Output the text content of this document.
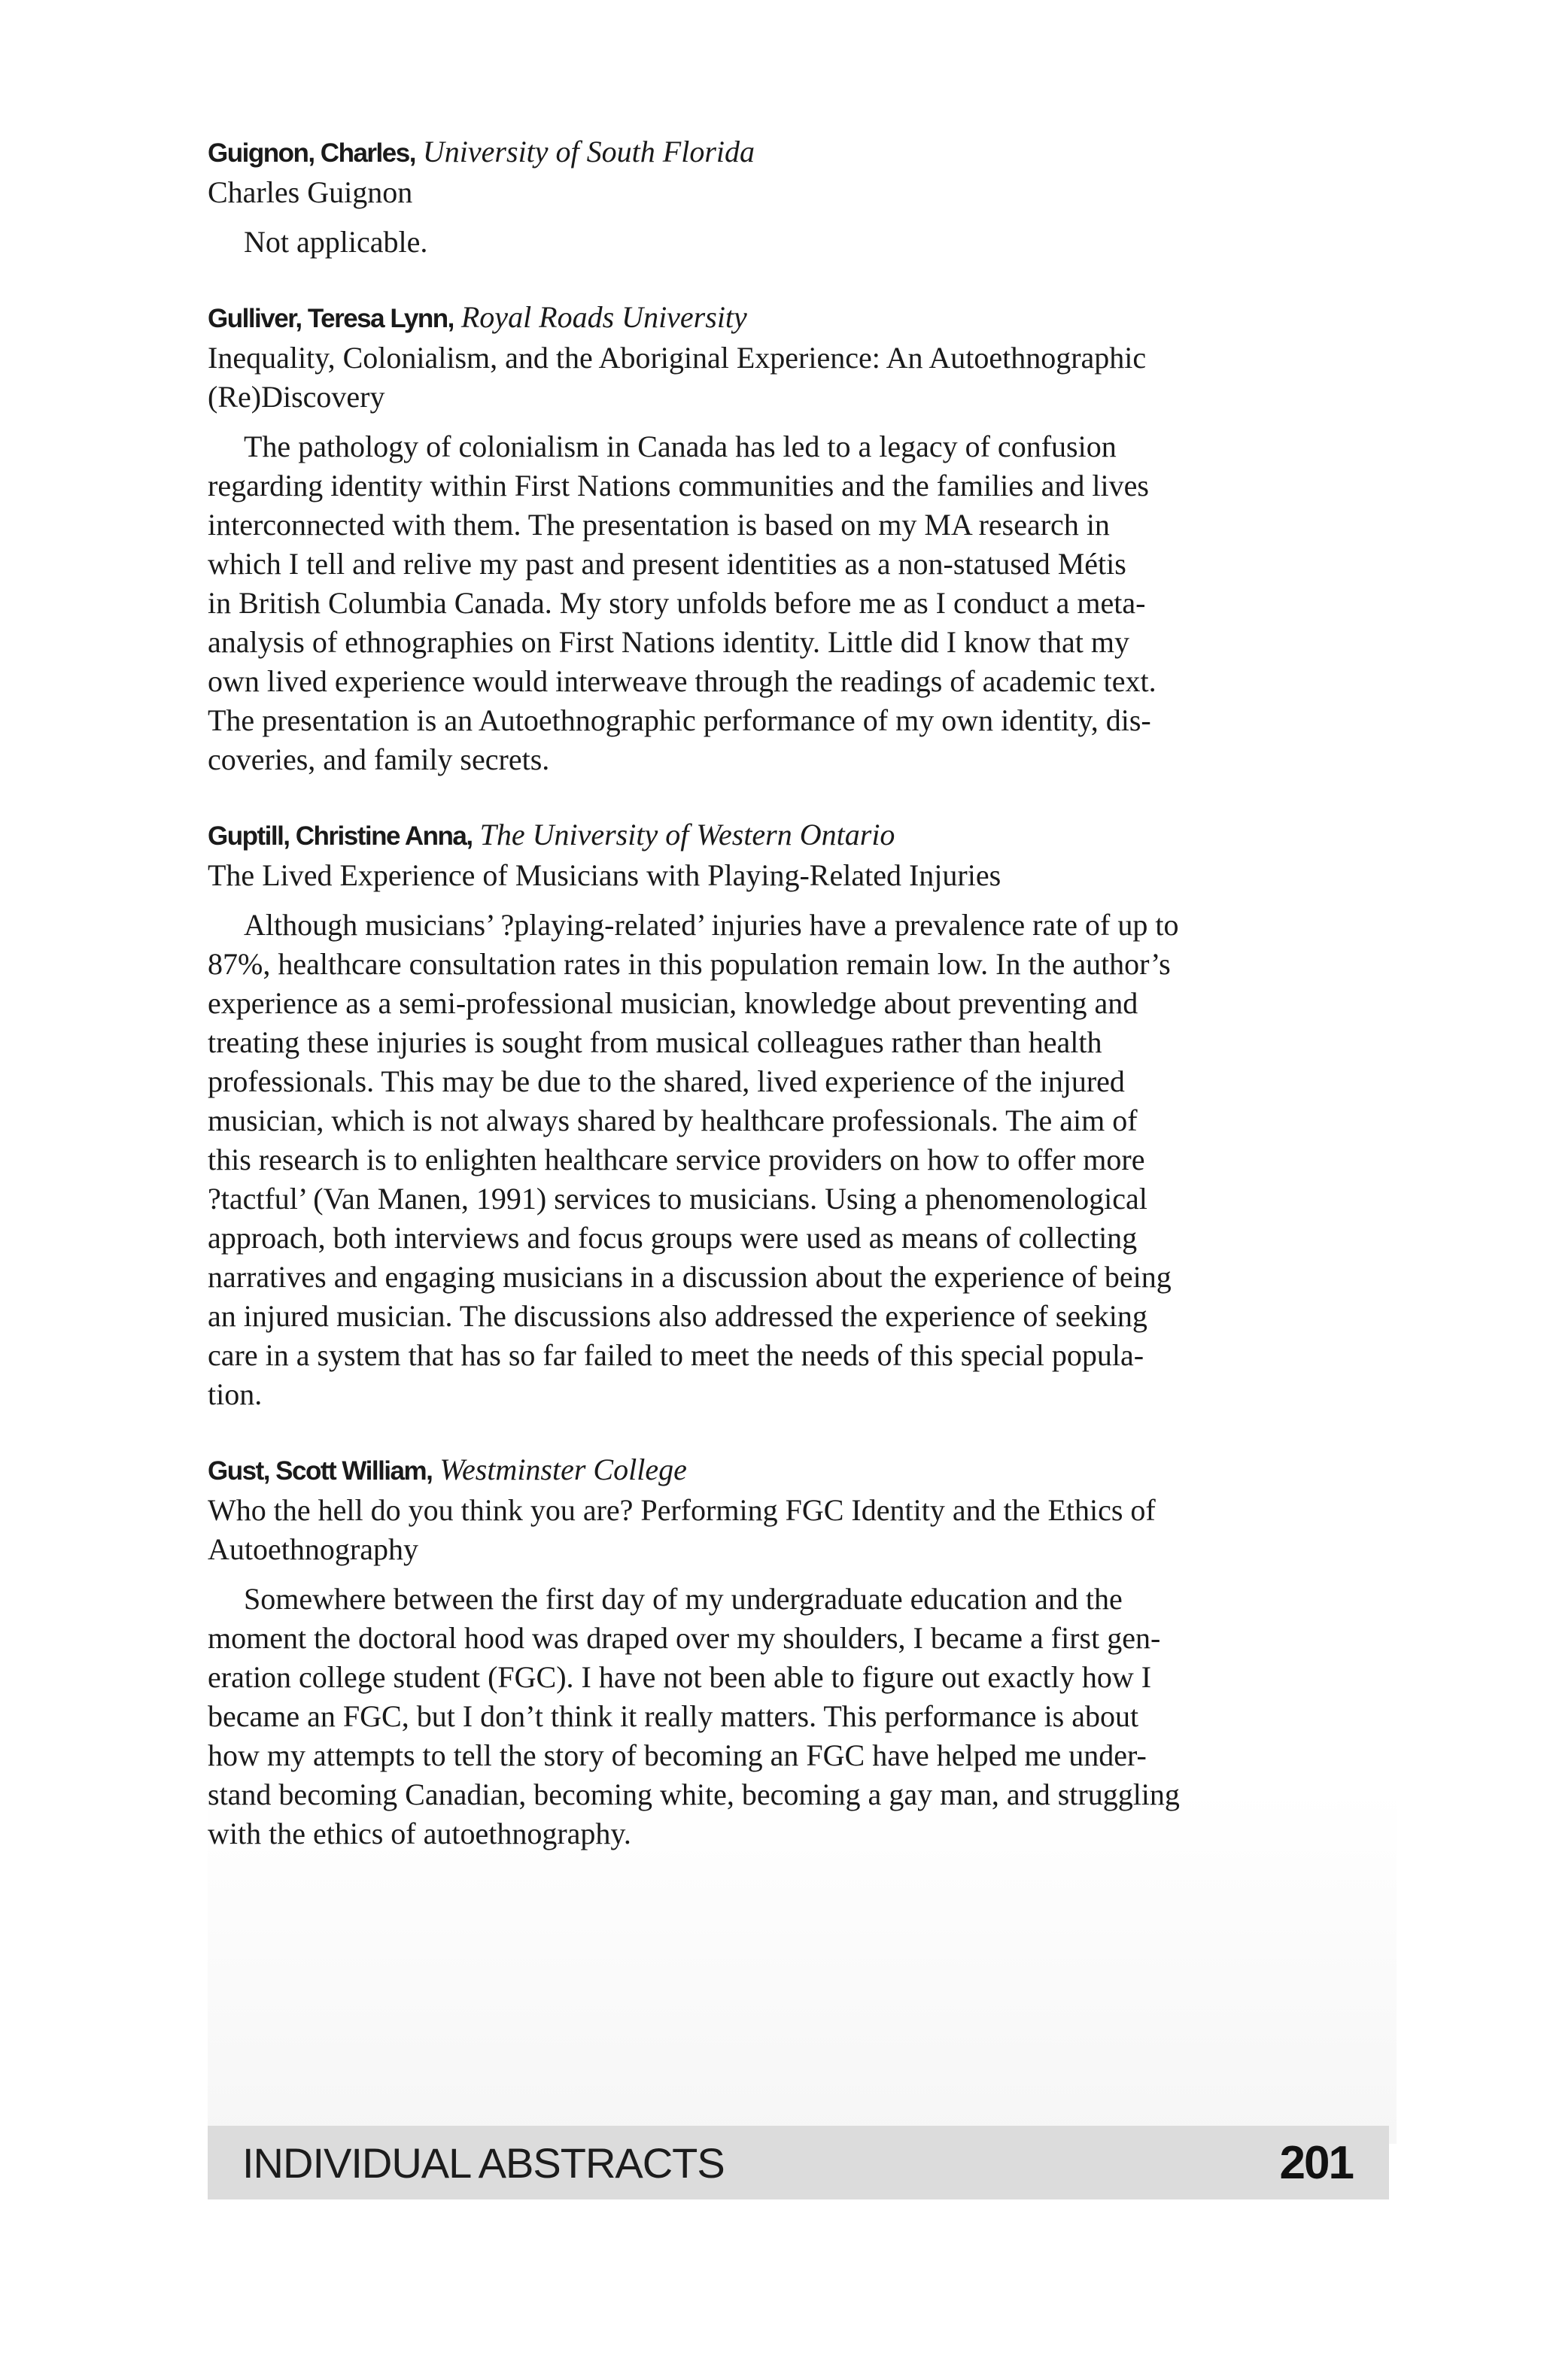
Guignon, Charles, University of South Florida

Charles Guignon

Not applicable.

Gulliver, Teresa Lynn, Royal Roads University

Inequality, Colonialism, and the Aboriginal Experience: An Autoethnographic
(Re)Discovery

The pathology of colonialism in Canada has led to a legacy of confusion
regarding identity within First Nations communities and the families and lives
interconnected with them. The presentation is based on my MA research in
which I tell and relive my past and present identities as a non-statused Métis
in British Columbia Canada. My story unfolds before me as I conduct a meta-
analysis of ethnographies on First Nations identity. Little did I know that my
own lived experience would interweave through the readings of academic text.
The presentation is an Autoethnographic performance of my own identity, dis-
coveries, and family secrets.

Guptill, Christine Anna, The University of Western Ontario

The Lived Experience of Musicians with Playing-Related Injuries

Although musicians’ ?playing-related’ injuries have a prevalence rate of up to
87%, healthcare consultation rates in this population remain low. In the author’s
experience as a semi-professional musician, knowledge about preventing and
treating these injuries is sought from musical colleagues rather than health
professionals. This may be due to the shared, lived experience of the injured
musician, which is not always shared by healthcare professionals. The aim of
this research is to enlighten healthcare service providers on how to offer more
?tactful’ (Van Manen, 1991) services to musicians. Using a phenomenological
approach, both interviews and focus groups were used as means of collecting
narratives and engaging musicians in a discussion about the experience of being
an injured musician. The discussions also addressed the experience of seeking
care in a system that has so far failed to meet the needs of this special popula-
tion.

Gust, Scott William, Westminster College

Who the hell do you think you are? Performing FGC Identity and the Ethics of
Autoethnography

Somewhere between the first day of my undergraduate education and the
moment the doctoral hood was draped over my shoulders, I became a first gen-
eration college student (FGC). I have not been able to figure out exactly how I
became an FGC, but I don’t think it really matters. This performance is about
how my attempts to tell the story of becoming an FGC have helped me under-
stand becoming Canadian, becoming white, becoming a gay man, and struggling
with the ethics of autoethnography.

INDIVIDUAL ABSTRACTS	201
